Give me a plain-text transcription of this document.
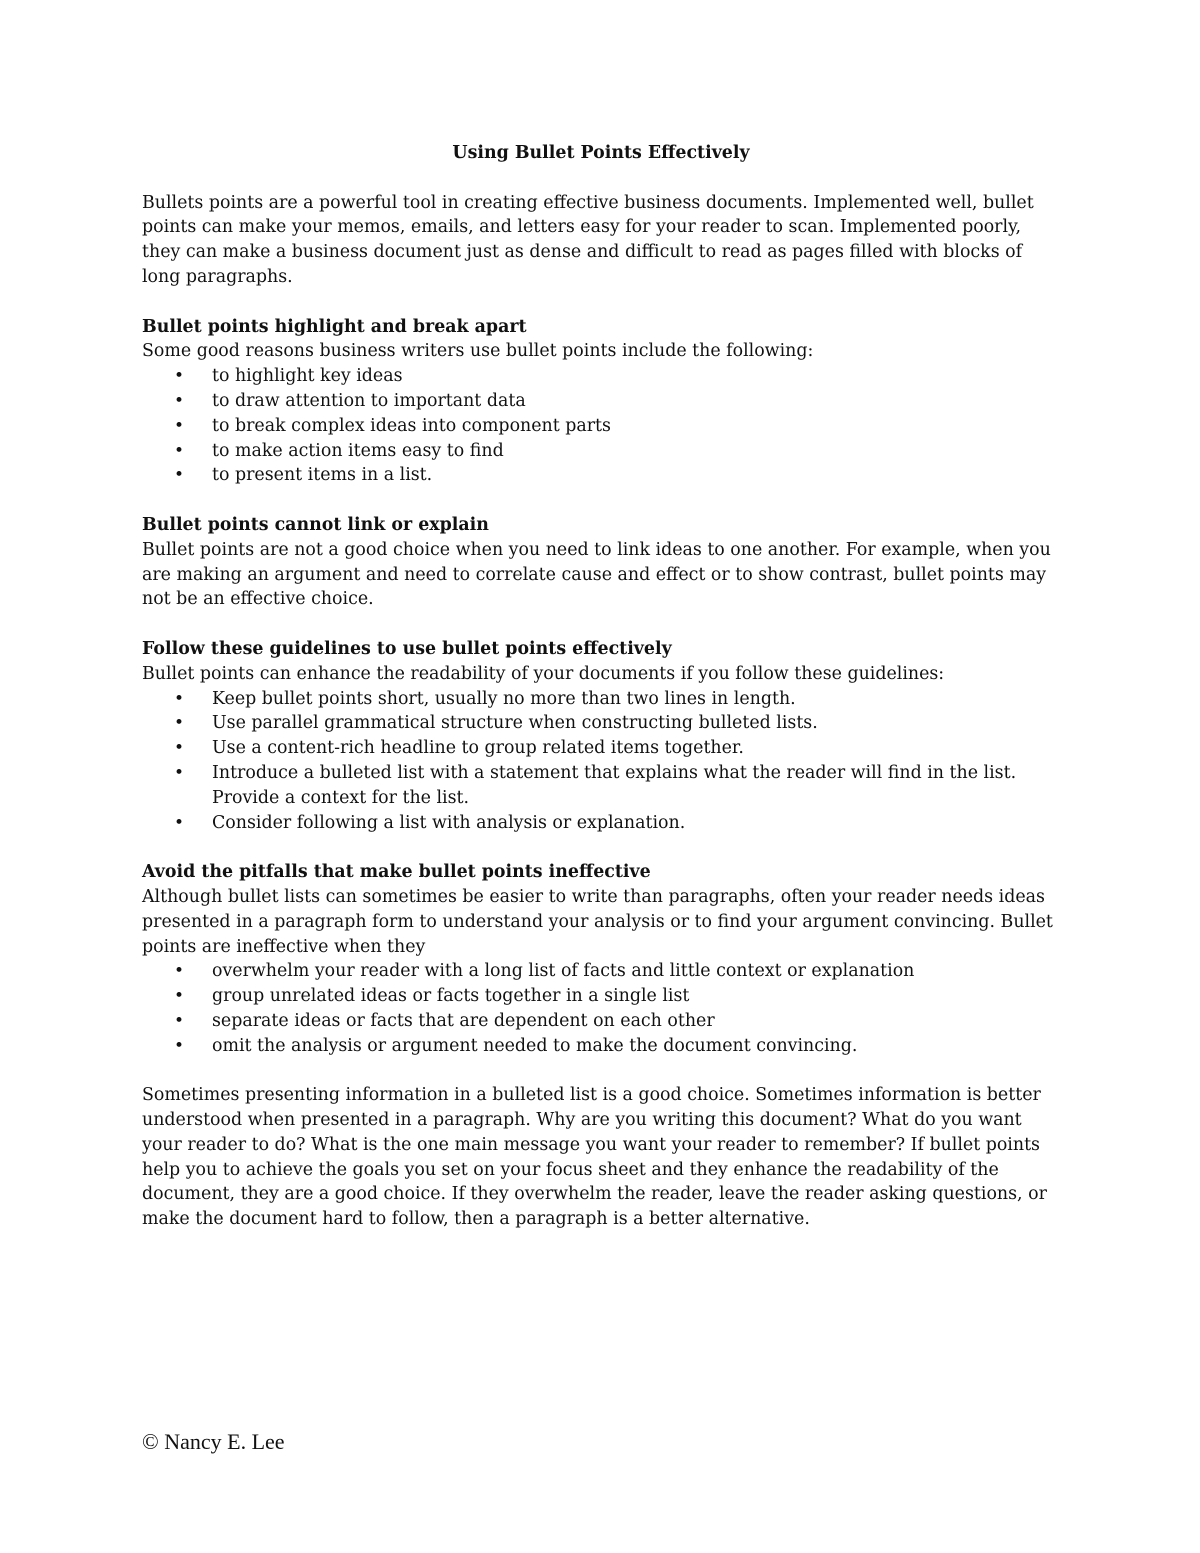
Using Bullet Points Effectively

Bullets points are a powerful tool in creating effective business documents. Implemented well, bullet points can make your memos, emails, and letters easy for your reader to scan. Implemented poorly, they can make a business document just as dense and difficult to read as pages filled with blocks of long paragraphs.

Bullet points highlight and break apart

Some good reasons business writers use bullet points include the following:

• to highlight key ideas
• to draw attention to important data
• to break complex ideas into component parts
• to make action items easy to find
• to present items in a list.

Bullet points cannot link or explain

Bullet points are not a good choice when you need to link ideas to one another. For example, when you are making an argument and need to correlate cause and effect or to show contrast, bullet points may not be an effective choice.

Follow these guidelines to use bullet points effectively

Bullet points can enhance the readability of your documents if you follow these guidelines:

• Keep bullet points short, usually no more than two lines in length.
• Use parallel grammatical structure when constructing bulleted lists.
• Use a content-rich headline to group related items together.
• Introduce a bulleted list with a statement that explains what the reader will find in the list. Provide a context for the list.
• Consider following a list with analysis or explanation.

Avoid the pitfalls that make bullet points ineffective

Although bullet lists can sometimes be easier to write than paragraphs, often your reader needs ideas presented in a paragraph form to understand your analysis or to find your argument convincing. Bullet points are ineffective when they

• overwhelm your reader with a long list of facts and little context or explanation
• group unrelated ideas or facts together in a single list
• separate ideas or facts that are dependent on each other
• omit the analysis or argument needed to make the document convincing.

Sometimes presenting information in a bulleted list is a good choice. Sometimes information is better understood when presented in a paragraph. Why are you writing this document? What do you want your reader to do? What is the one main message you want your reader to remember? If bullet points help you to achieve the goals you set on your focus sheet and they enhance the readability of the document, they are a good choice. If they overwhelm the reader, leave the reader asking questions, or make the document hard to follow, then a paragraph is a better alternative.

© Nancy E. Lee
